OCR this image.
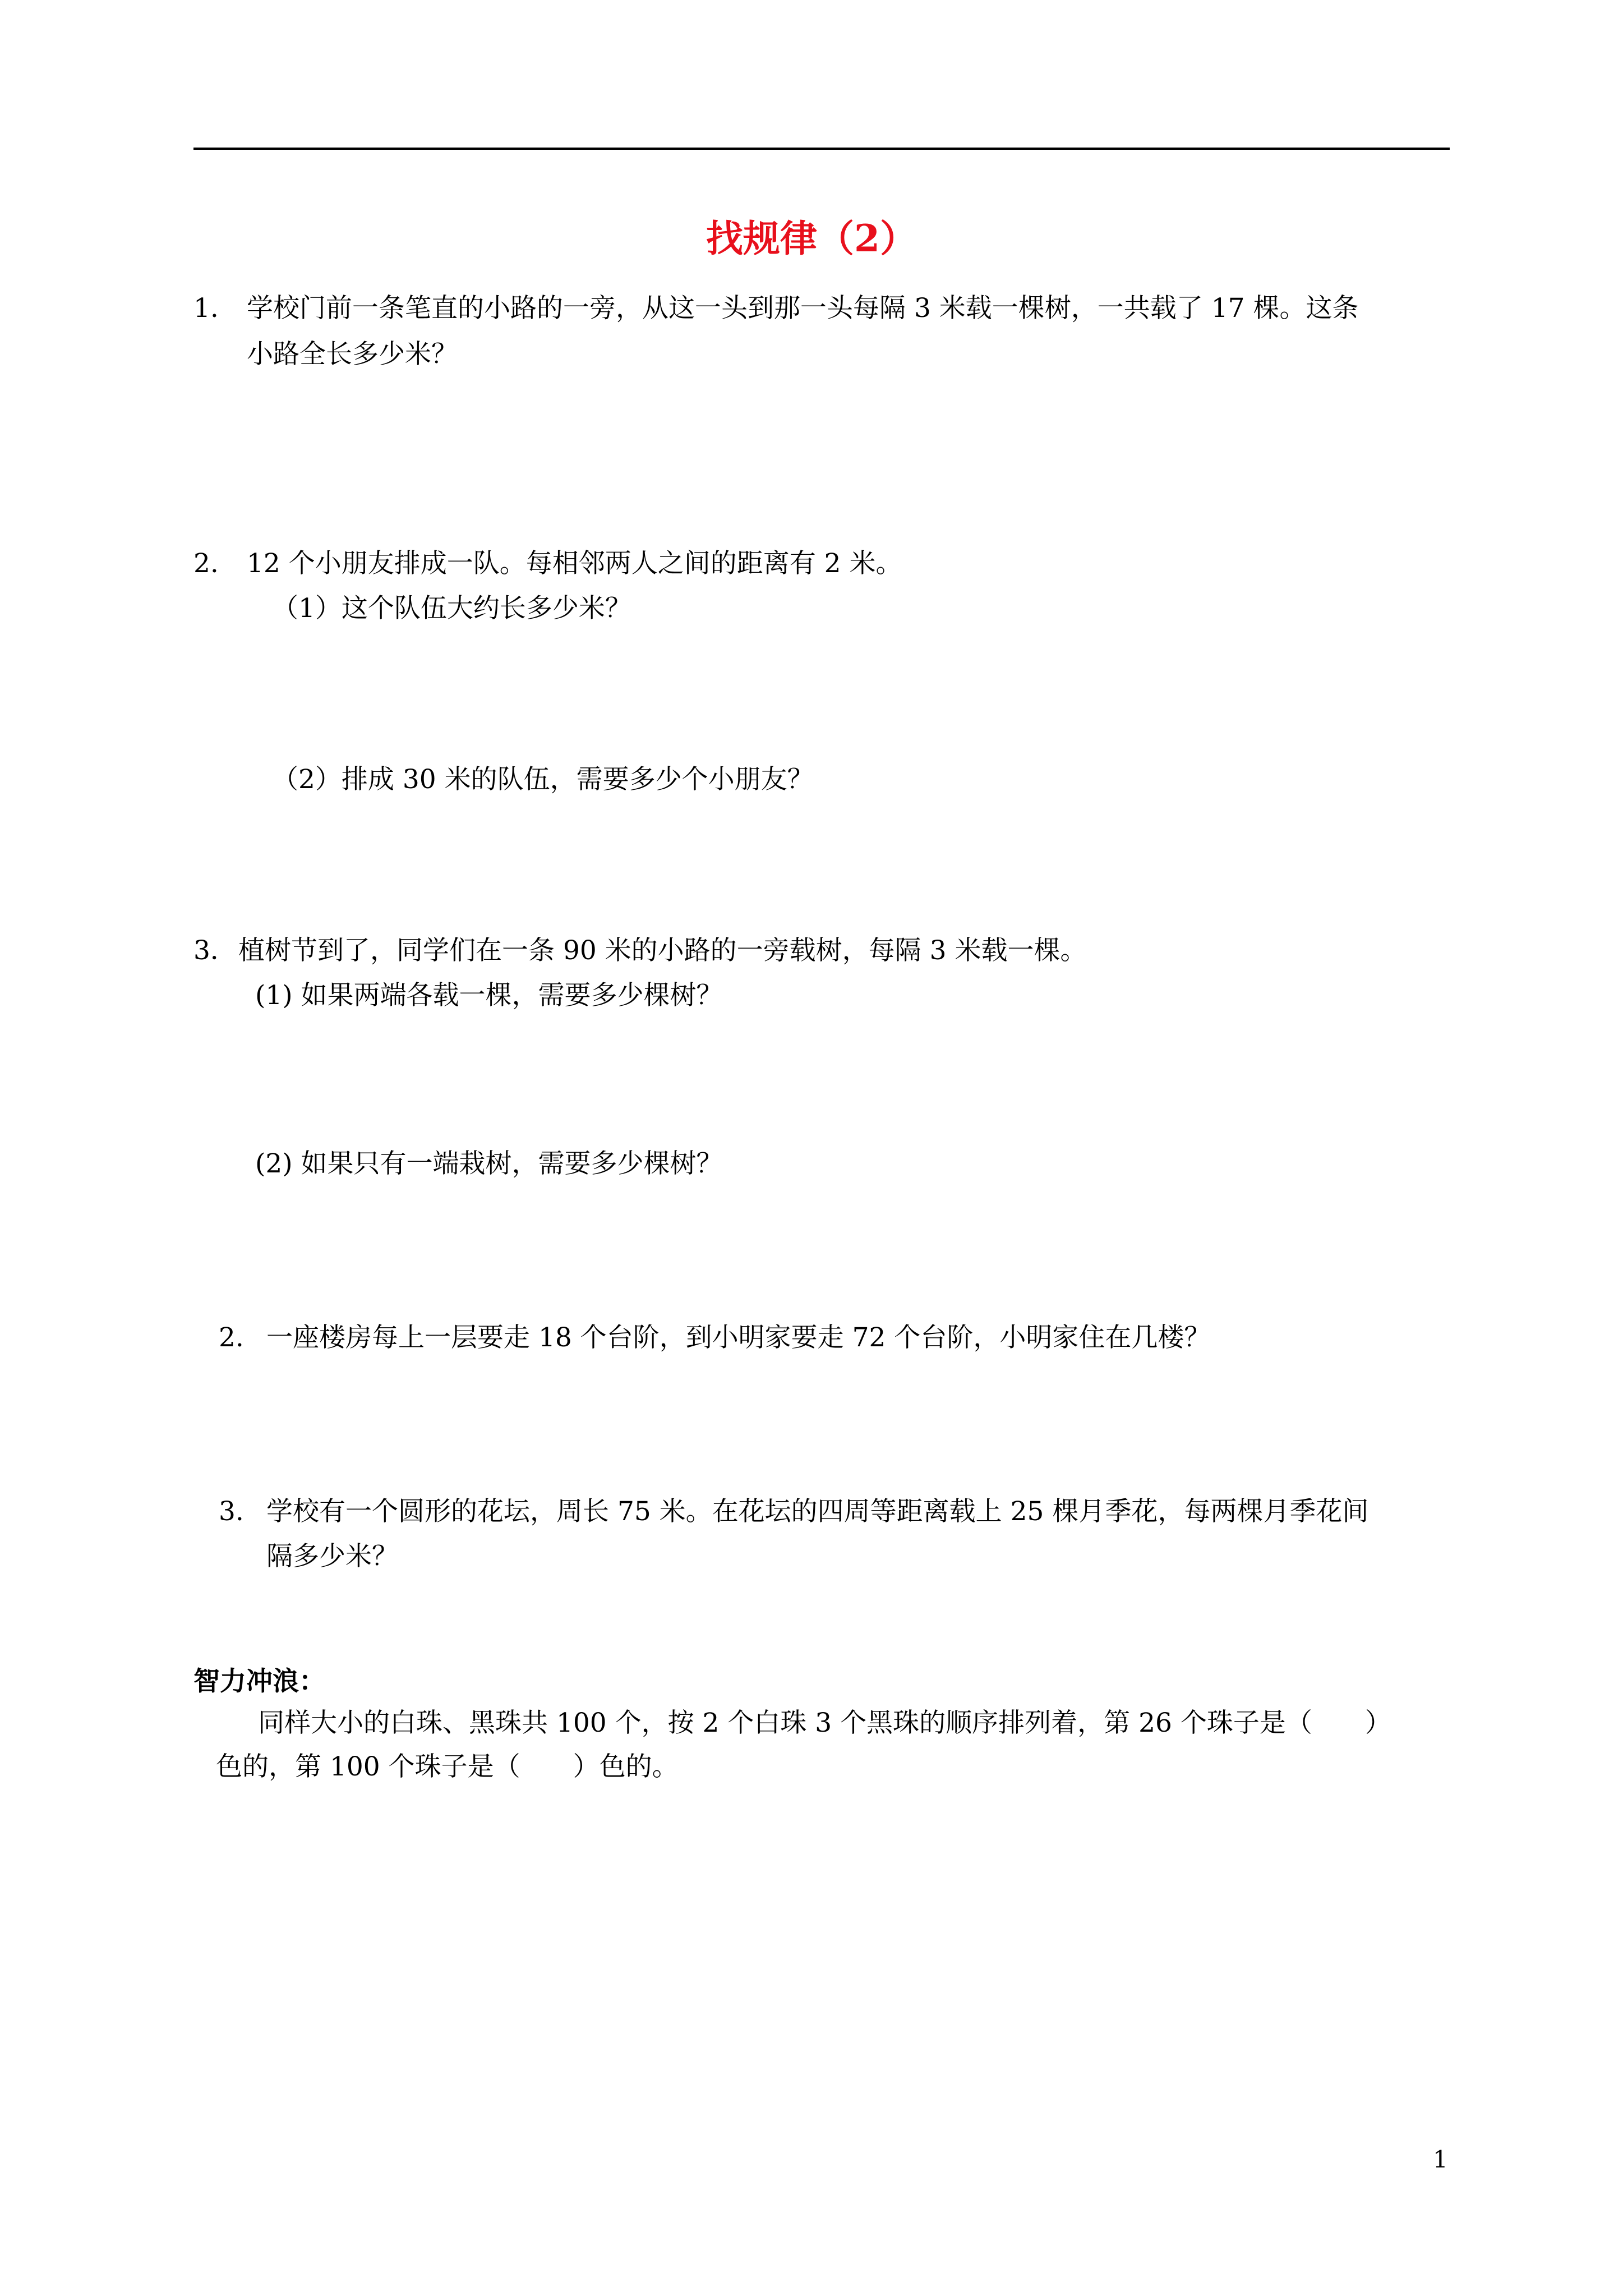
找规律（2）
1. 学校门前一条笔直的小路的一旁，从这一头到那一头每隔 3 米载一棵树，一共载了 17 棵。这条
小路全长多少米？
2. 12 个小朋友排成一队。每相邻两人之间的距离有 2 米。
（1）这个队伍大约长多少米？
（2）排成 30 米的队伍，需要多少个小朋友？
3． 植树节到了，同学们在一条 90 米的小路的一旁载树，每隔 3 米载一棵。
(1) 如果两端各载一棵，需要多少棵树？
(2) 如果只有一端栽树，需要多少棵树？
2. 一座楼房每上一层要走 18 个台阶，到小明家要走 72 个台阶，小明家住在几楼？
3. 学校有一个圆形的花坛，周长 75 米。在花坛的四周等距离载上 25 棵月季花，每两棵月季花间
隔多少米？
智力冲浪：
同样大小的白珠、黑珠共 100 个，按 2 个白珠 3 个黑珠的顺序排列着，第 26 个珠子是（　　）
色的，第 100 个珠子是（　　）色的。
1
